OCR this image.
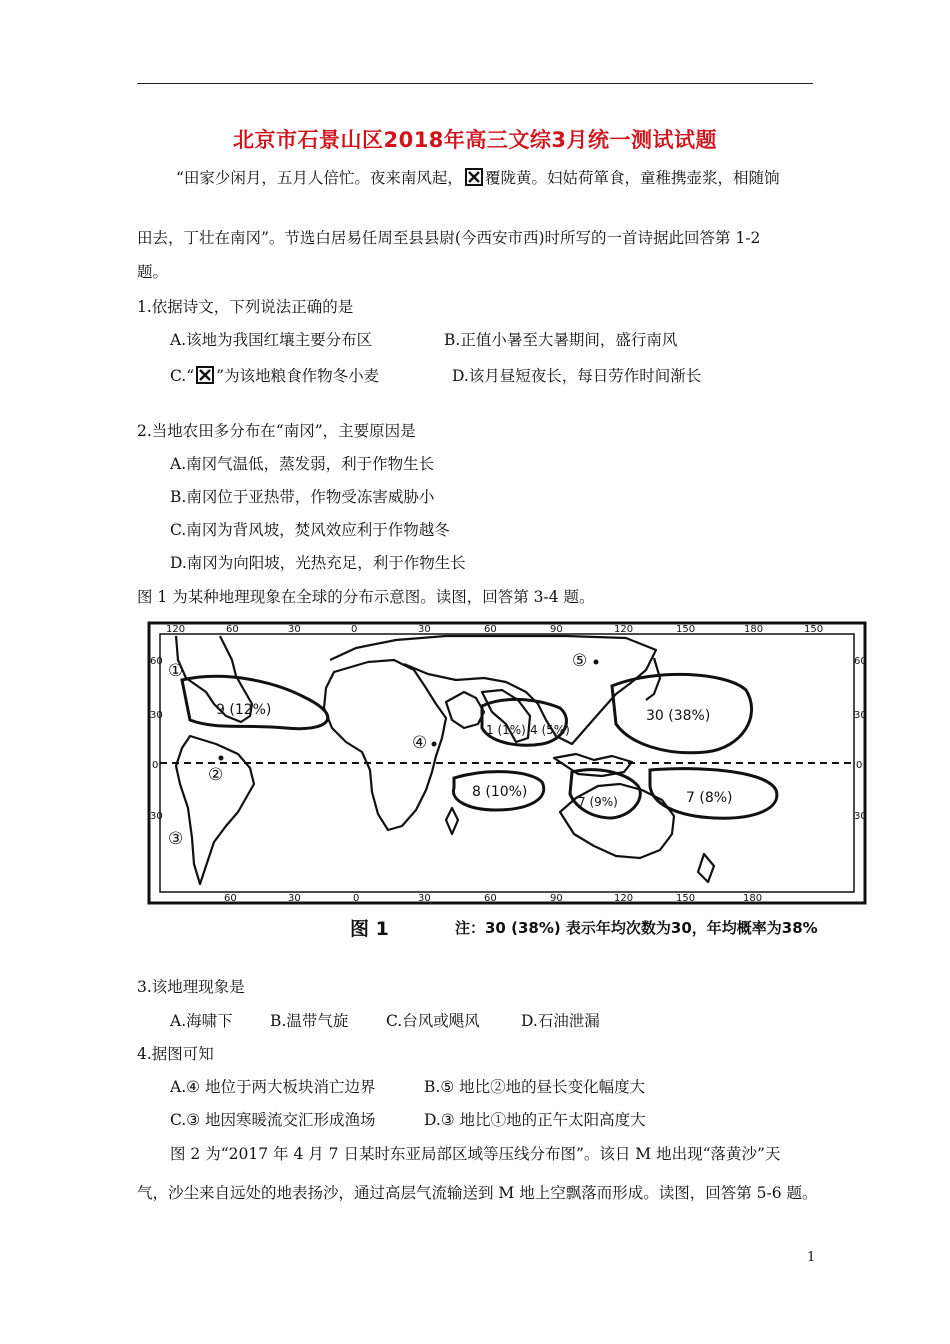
北京市石景山区2018年高三文综3月统一测试试题
“田家少闲月，五月人倍忙。夜来南风起， 覆陇黄。妇姑荷箪食，童稚携壶浆，相随饷
田去，丁壮在南冈”。节选白居易任周至县县尉(今西安市西)时所写的一首诗据此回答第 1-2
题。
1.依据诗文，下列说法正确的是
A.该地为我国红壤主要分布区	B.正值小暑至大暑期间，盛行南风
C.“ ”为该地粮食作物冬小麦	D.该月昼短夜长，每日劳作时间渐长
2.当地农田多分布在“南冈”，主要原因是
A.南冈气温低，蒸发弱，利于作物生长
B.南冈位于亚热带，作物受冻害威胁小
C.南冈为背风坡，焚风效应利于作物越冬
D.南冈为向阳坡，光热充足，利于作物生长
图 1 为某种地理现象在全球的分布示意图。读图，回答第 3-4 题。
120	60	30	0	30	60	90	120	150	180	150
60	30	0	30	60	90	120	150	180
60
30
0
30
60
30
0
30
9 (12%)
1 (1%) 4 (5%)
30 (38%)
8 (10%)
7 (9%)	7 (8%)
①
②
③
④
⑤
图 1	注：30 (38%) 表示年均次数为30，年均概率为38%
3.该地理现象是
A.海啸下 B.温带气旋 C.台风或飓风	D.石油泄漏
4.据图可知
A.④ 地位于两大板块消亡边界	B.⑤ 地比②地的昼长变化幅度大
C.③ 地因寒暖流交汇形成渔场	D.③ 地比①地的正午太阳高度大
图 2 为“2017 年 4 月 7 日某时东亚局部区域等压线分布图”。该日 M 地出现“落黄沙”天
气，沙尘来自远处的地表扬沙，通过高层气流输送到 M 地上空飘落而形成。读图，回答第 5-6 题。
1
